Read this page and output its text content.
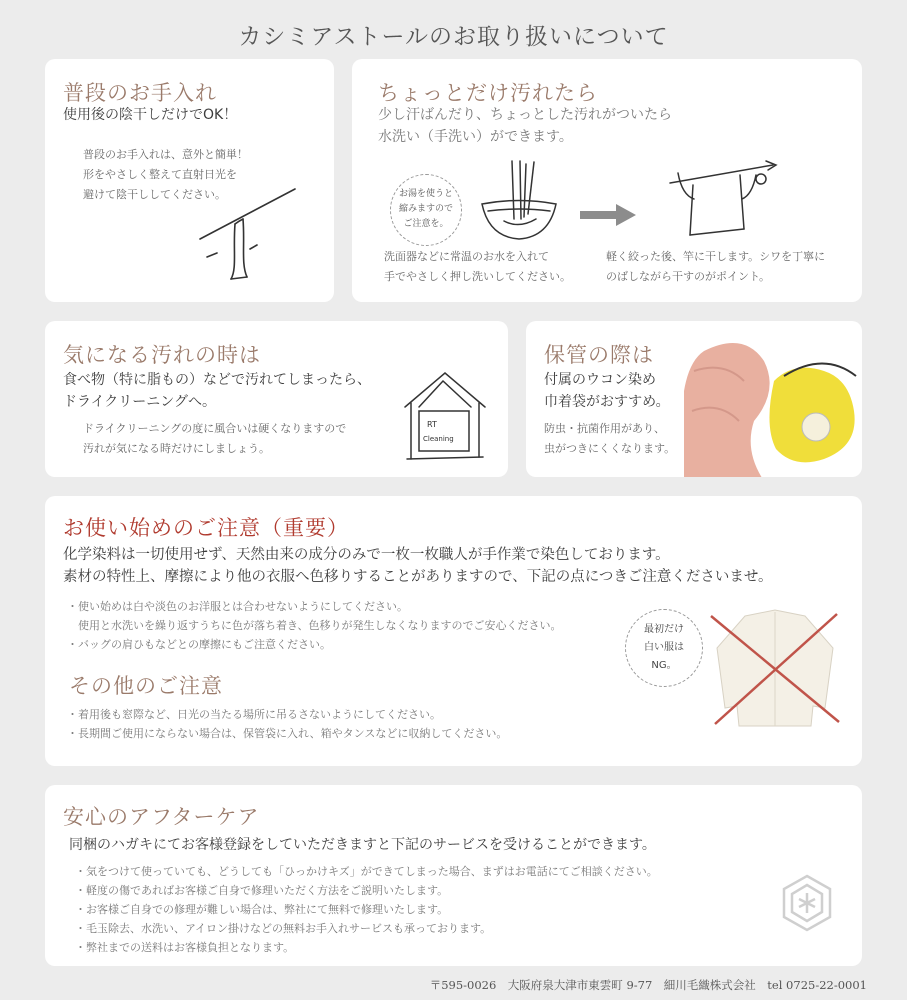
カシミアストールのお取り扱いについて
普段のお手入れ
使用後の陰干しだけでOK！
普段のお手入れは、意外と簡単！
形をやさしく整えて直射日光を
避けて陰干ししてください。
ちょっとだけ汚れたら
少し汗ばんだり、ちょっとした汚れがついたら
水洗い（手洗い）ができます。
お湯を使うと
縮みますので
ご注意を。
洗面器などに常温のお水を入れて
手でやさしく押し洗いしてください。
軽く絞った後、竿に干します。シワを丁寧に
のばしながら干すのがポイント。
気になる汚れの時は
食べ物（特に脂もの）などで汚れてしまったら、
ドライクリーニングへ。
ドライクリーニングの度に風合いは硬くなりますので
汚れが気になる時だけにしましょう。
RT
Cleaning
保管の際は
付属のウコン染め
巾着袋がおすすめ。
防虫・抗菌作用があり、
虫がつきにくくなります。
お使い始めのご注意（重要）
化学染料は一切使用せず、天然由来の成分のみで一枚一枚職人が手作業で染色しております。
素材の特性上、摩擦により他の衣服へ色移りすることがありますので、下記の点につきご注意くださいませ。
・ 使い始めは白や淡色のお洋服とは合わせないようにしてください。
使用と水洗いを繰り返すうちに色が落ち着き、色移りが発生しなくなりますのでご安心ください。
・ バッグの肩ひもなどとの摩擦にもご注意ください。
その他のご注意
・ 着用後も窓際など、日光の当たる場所に吊るさないようにしてください。
・ 長期間ご使用にならない場合は、保管袋に入れ、箱やタンスなどに収納してください。
最初だけ
白い服は
NG。
安心のアフターケア
同梱のハガキにてお客様登録をしていただきますと下記のサービスを受けることができます。
・ 気をつけて使っていても、どうしても「ひっかけキズ」ができてしまった場合、まずはお電話にてご相談ください。
・ 軽度の傷であればお客様ご自身で修理いただく方法をご説明いたします。
・ お客様ご自身での修理が難しい場合は、弊社にて無料で修理いたします。
・ 毛玉除去、水洗い、アイロン掛けなどの無料お手入れサービスも承っております。
・ 弊社までの送料はお客様負担となります。
〒595-0026　大阪府泉大津市東雲町 9-77　細川毛織株式会社　tel 0725-22-0001
